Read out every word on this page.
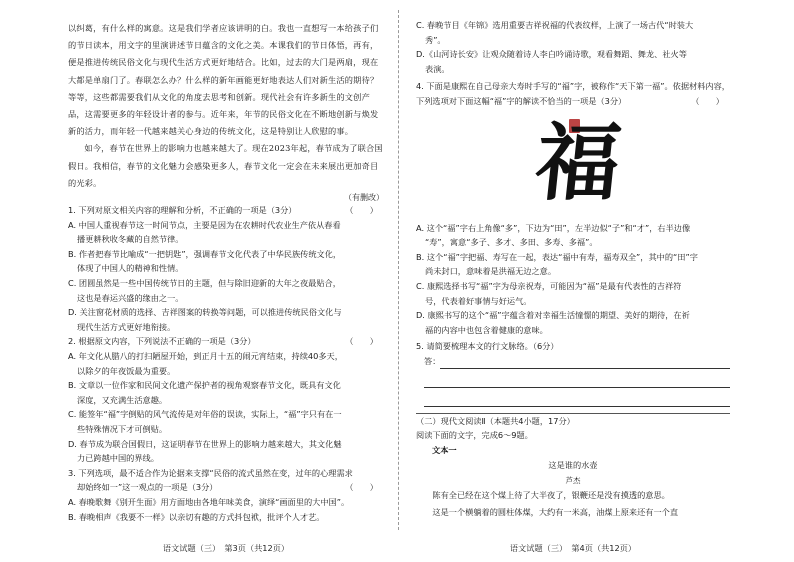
以纠葛，有什么样的寓意。这是我们学者应该讲明的白。我也一直想写一本给孩子们的节日读本，用文字的里演讲述节日蕴含的文化之美。本课我们的节日体悟，再有，便是推进传统民俗文化与现代生活方式更好地结合。比如，过去的大门是两扇，现在大都是单扇门了。春联怎么办？什么样的新年画能更好地表达人们对新生活的期待？等等，这些都需要我们从文化的角度去思考和创新。现代社会有许多新生的文创产品，这需要更多的年轻设计者的参与。近年来，年节的民俗文化在不断地创新与焕发新的活力，而年轻一代越来越关心身边的传统文化，这是特别让人欣慰的事。

如今，春节在世界上的影响力也越来越大了。现在2023年起，春节成为了联合国假日。我相信，春节的文化魅力会感染更多人，春节文化一定会在未来展出更加奇目的光彩。

（有删改）

1. 下列对原文相关内容的理解和分析，不正确的一项是（3分）	（　　）

A. 中国人重视春节这一时间节点，主要是因为在农耕时代农业生产依从春看
播更耕秋收冬藏的自然节律。

B. 作者把春节比喻成“一把钥匙”，强调春节文化代表了中华民族传统文化，
体现了中国人的精神和性情。

C. 团圆虽然是一些中国传统节日的主题，但与除旧迎新的大年之夜最贴合，
这也是春运兴盛的缘由之一。

D. 关注窗花材质的选择、吉祥图案的转换等问题，可以推进传统民俗文化与
现代生活方式更好地衔接。

2. 根据原文内容，下列说法不正确的一项是（3分）	（　　）

A. 年文化从腊八的打扫陋屋开始，到正月十五的闹元宵结束，持续40多天，
以除夕的年夜饭最为重要。

B. 文章以一位作家和民间文化遗产保护者的视角观察春节文化，既具有文化
深度，又充满生活意趣。

C. 能签年“福”字倒贴的风气流传是对年俗的误读，实际上，“福”字只有在一
些特殊情况下才可倒贴。

D. 春节成为联合国假日，这证明春节在世界上的影响力越来越大，其文化魅
力已跨越中国的界线。

3. 下列选项，最不适合作为论据来支撑“民俗的流式虽然在变，过年的心理需求
却始终如一”这一观点的一项是（3分）	（　　）

A. 春晚歌舞《别开生面》用方面地由各地年味美食，演绎“画面里的大中国”。

B. 春晚相声《我要不一样》以亲切有趣的方式抖包袱，批评个人才艺。

语文试题（三）　第3页（共12页）

C. 春晚节目《年锦》选用重要吉祥祝福的代表纹样，上演了一场古代“时装大
秀”。

D.《山河诗长安》让观众随着诗人李白吟诵诗歌，观看舞蹈、舞龙、社火等
表演。

4. 下面是康熙在自己母亲大寿时手写的“福”字，被称作“天下第一福”。依据材料内容，下列选项对下面这幅“福”字的解读不恰当的一项是（3分）	（　　）
福

A. 这个“福”字右上角像“多”，下边为“田”，左半边似“子”和“才”，右半边像
“寿”，寓意“多子、多才、多田、多寿、多福”。

B. 这个“福”字把福、寿写在一起，表达“福中有寿，福寿双全”，其中的“田”字
尚未封口，意味着是洪福无边之意。

C. 康熙选择书写“福”字为母亲祝寿，可能因为“福”是最有代表性的吉祥符
号，代表着好事情与好运气。

D. 康熙书写的这个“福”字蕴含着对幸福生活憧憬的期望、美好的期待，在祈
福的内容中也包含着健康的意味。

5. 请简要梳理本文的行文脉络。（6分）
答：

（二）现代文阅读Ⅱ（本题共4小题，17分）

阅读下面的文字，完成6～9题。

文本一

这是谁的水壶

芦杰

陈有全已经在这个煤上待了大半夜了，银鞭还是没有摸透的意思。

这是一个横躺着的圆柱体煤，大约有一米高，油煤上原来还有一个直

语文试题（三）　第4页（共12页）
